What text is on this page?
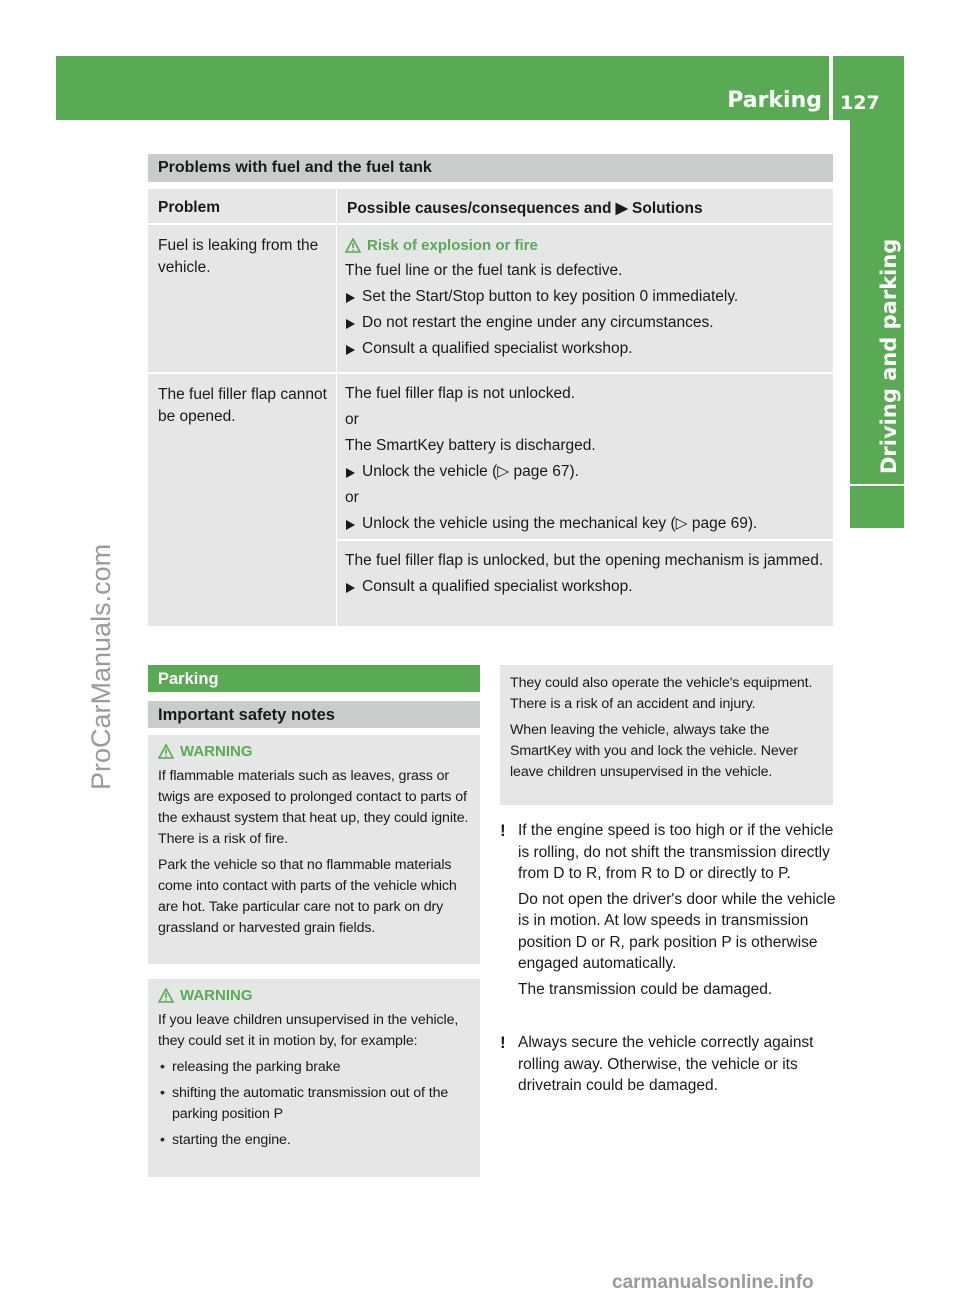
Parking 127
Driving and parking
ProCarManuals.com
carmanualsonline.info
Problems with fuel and the fuel tank
Problem	Possible causes/consequences and ▶ Solutions
Fuel is leaking from the vehicle.
Risk of explosion or fire
The fuel line or the fuel tank is defective.
Set the Start/Stop button to key position 0 immediately.
Do not restart the engine under any circumstances.
Consult a qualified specialist workshop.
The fuel filler flap cannot be opened.
The fuel filler flap is not unlocked.
or
The SmartKey battery is discharged.
Unlock the vehicle (▷ page 67).
or
Unlock the vehicle using the mechanical key (▷ page 69).
The fuel filler flap is unlocked, but the opening mechanism is jammed.
Consult a qualified specialist workshop.
Parking
Important safety notes
WARNING

If flammable materials such as leaves, grass or twigs are exposed to prolonged contact to parts of the exhaust system that heat up, they could ignite. There is a risk of fire.

Park the vehicle so that no flammable materials come into contact with parts of the vehicle which are hot. Take particular care not to park on dry grassland or harvested grain fields.

WARNING

If you leave children unsupervised in the vehicle, they could set it in motion by, for example:

• releasing the parking brake

• shifting the automatic transmission out of the parking position P

• starting the engine.

They could also operate the vehicle's equipment. There is a risk of an accident and injury.

When leaving the vehicle, always take the SmartKey with you and lock the vehicle. Never leave children unsupervised in the vehicle.

! If the engine speed is too high or if the vehicle is rolling, do not shift the transmission directly from D to R, from R to D or directly to P.

Do not open the driver's door while the vehicle is in motion. At low speeds in transmission position D or R, park position P is otherwise engaged automatically.

The transmission could be damaged.

! Always secure the vehicle correctly against rolling away. Otherwise, the vehicle or its drivetrain could be damaged.
